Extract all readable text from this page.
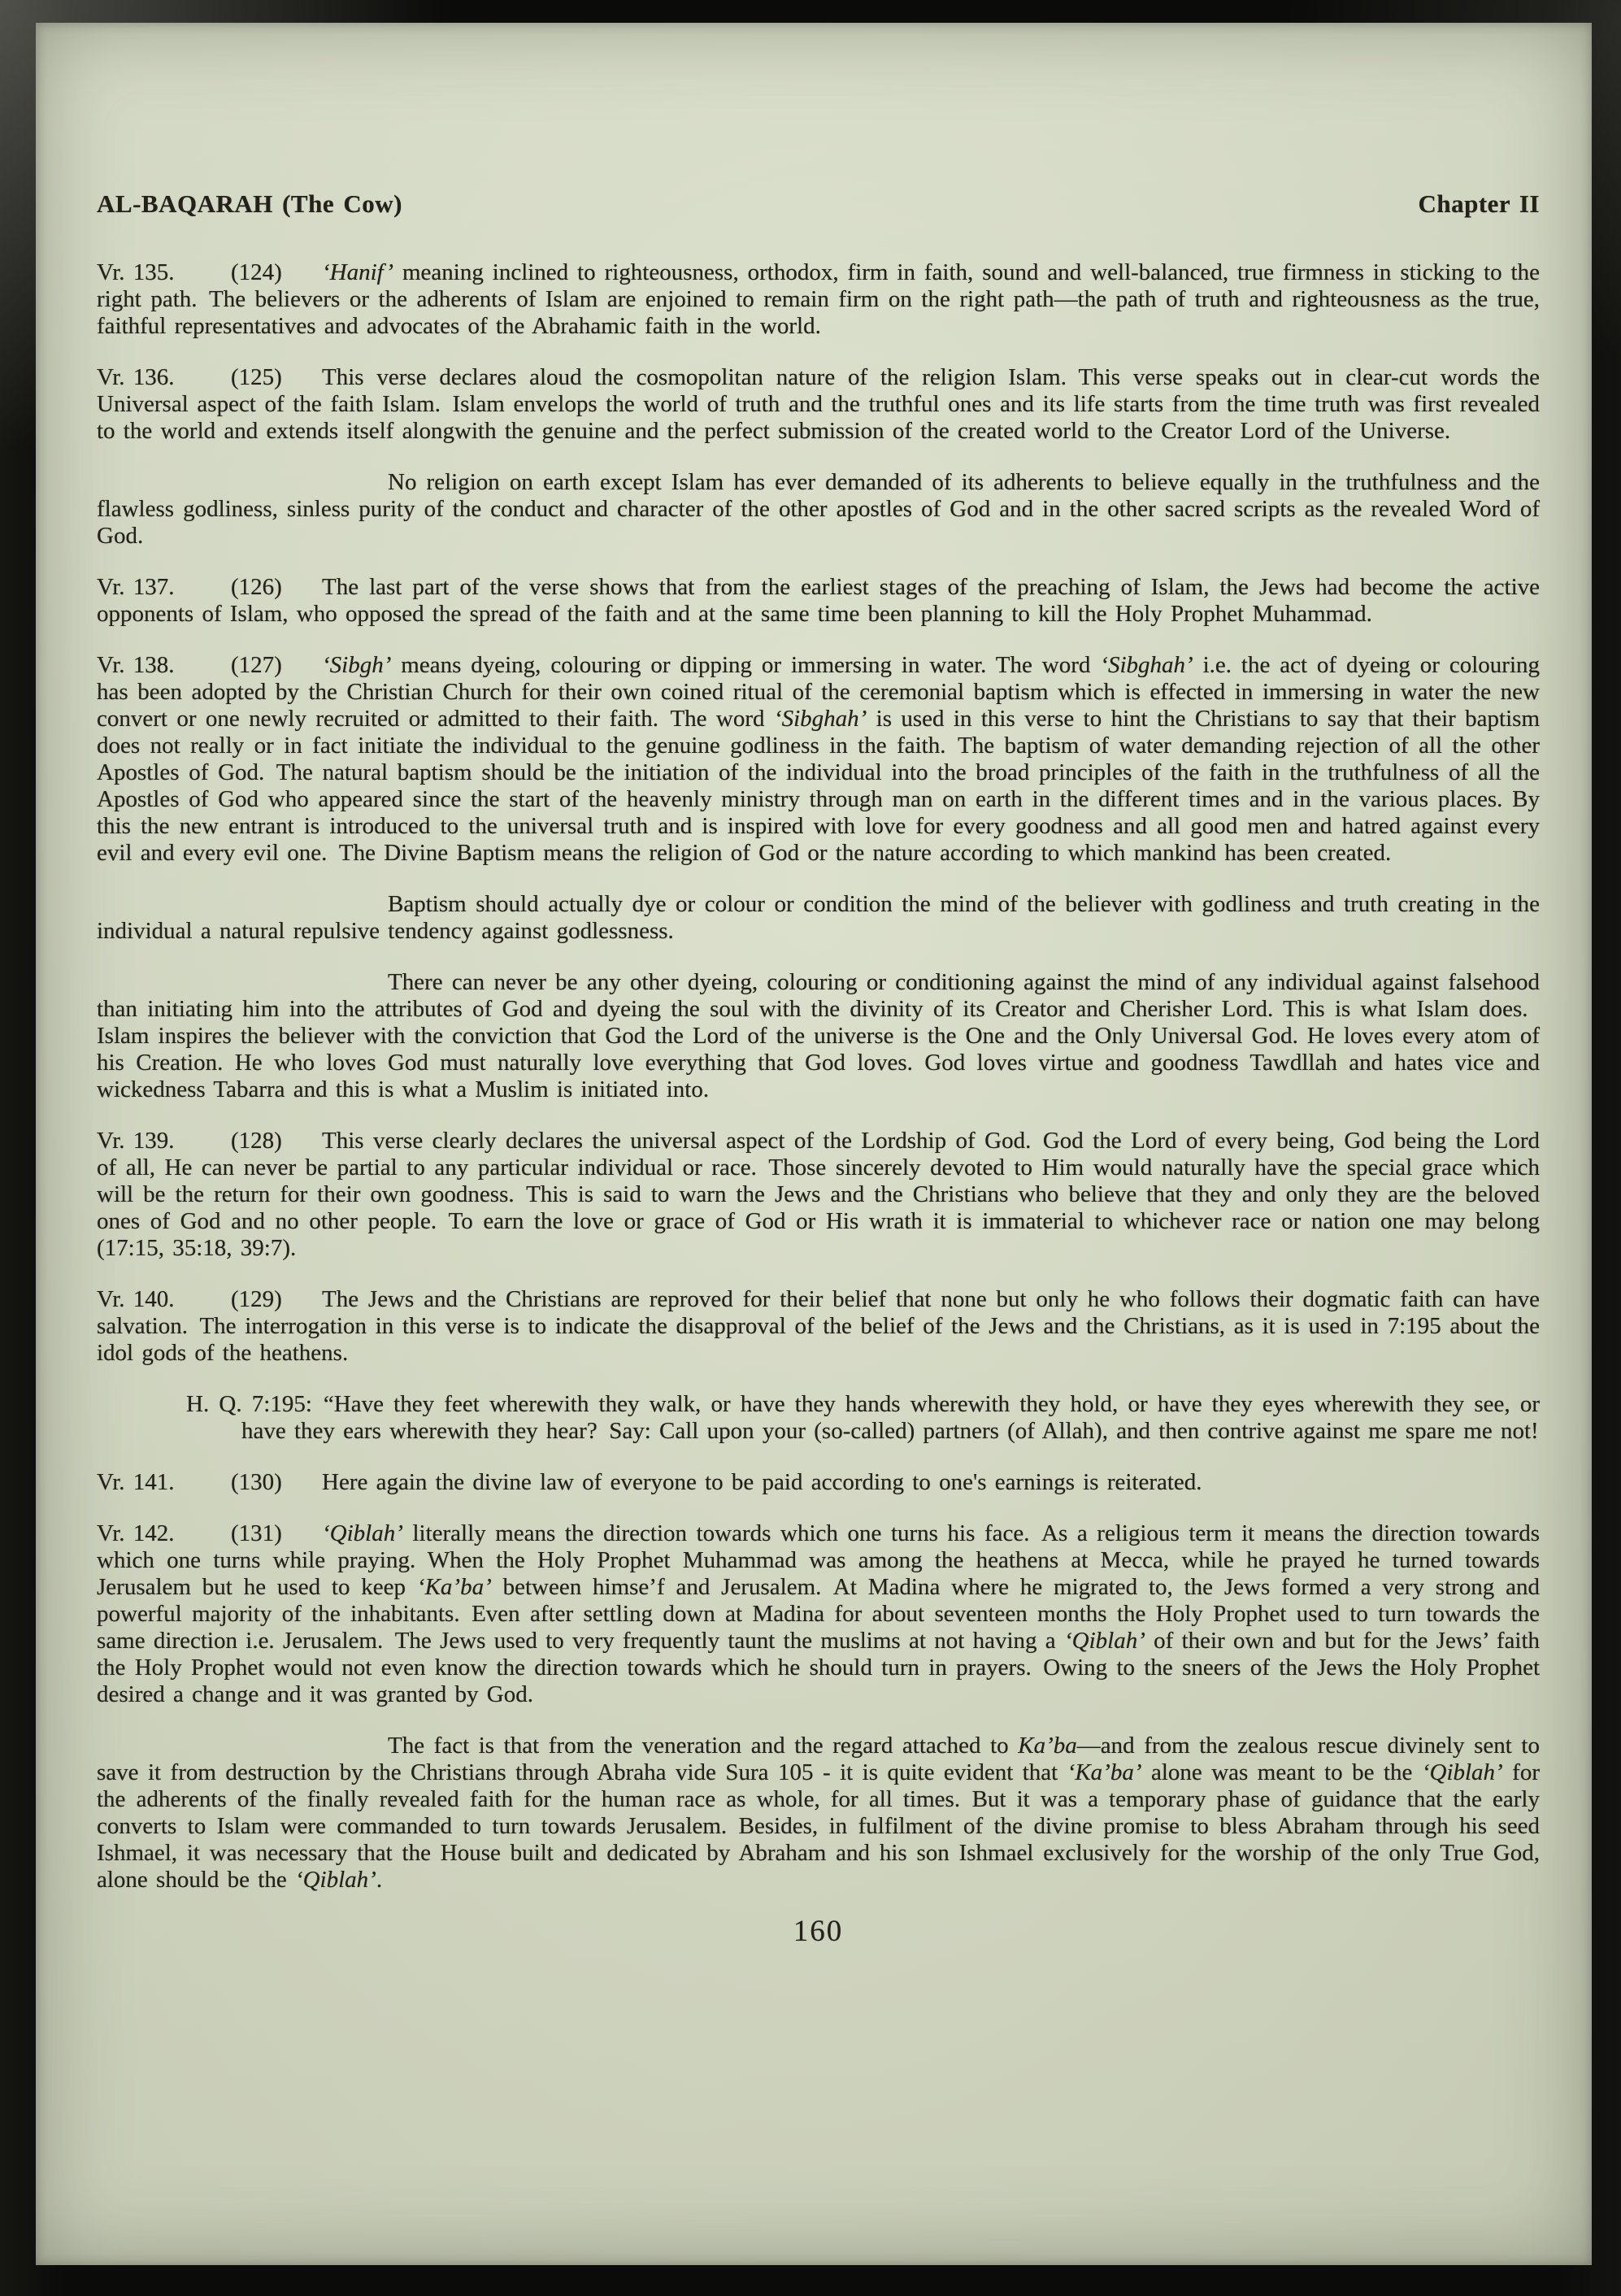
AL-BAQARAH (The Cow)	Chapter II

Vr. 135. (124) ‘Hanif’ meaning inclined to righteousness, orthodox, firm in faith, sound and well-balanced, true firmness in sticking to the right path. The believers or the adherents of Islam are enjoined to remain firm on the right path—the path of truth and righteousness as the true, faithful representatives and advocates of the Abrahamic faith in the world.

Vr. 136. (125) This verse declares aloud the cosmopolitan nature of the religion Islam. This verse speaks out in clear-cut words the Universal aspect of the faith Islam. Islam envelops the world of truth and the truthful ones and its life starts from the time truth was first revealed to the world and extends itself alongwith the genuine and the perfect submission of the created world to the Creator Lord of the Universe.

No religion on earth except Islam has ever demanded of its adherents to believe equally in the truthfulness and the flawless godliness, sinless purity of the conduct and character of the other apostles of God and in the other sacred scripts as the revealed Word of God.

Vr. 137. (126) The last part of the verse shows that from the earliest stages of the preaching of Islam, the Jews had become the active opponents of Islam, who opposed the spread of the faith and at the same time been planning to kill the Holy Prophet Muhammad.

Vr. 138. (127) ‘Sibgh’ means dyeing, colouring or dipping or immersing in water. The word ‘Sibghah’ i.e. the act of dyeing or colouring has been adopted by the Christian Church for their own coined ritual of the ceremonial baptism which is effected in immersing in water the new convert or one newly recruited or admitted to their faith. The word ‘Sibghah’ is used in this verse to hint the Christians to say that their baptism does not really or in fact initiate the individual to the genuine godliness in the faith. The baptism of water demanding rejection of all the other Apostles of God. The natural baptism should be the initiation of the individual into the broad principles of the faith in the truthfulness of all the Apostles of God who appeared since the start of the heavenly ministry through man on earth in the different times and in the various places. By this the new entrant is introduced to the universal truth and is inspired with love for every goodness and all good men and hatred against every evil and every evil one. The Divine Baptism means the religion of God or the nature according to which mankind has been created.

Baptism should actually dye or colour or condition the mind of the believer with godliness and truth creating in the individual a natural repulsive tendency against godlessness.

There can never be any other dyeing, colouring or conditioning against the mind of any individual against falsehood than initiating him into the attributes of God and dyeing the soul with the divinity of its Creator and Cherisher Lord. This is what Islam does. Islam inspires the believer with the conviction that God the Lord of the universe is the One and the Only Universal God. He loves every atom of his Creation. He who loves God must naturally love everything that God loves. God loves virtue and goodness Tawdllah and hates vice and wickedness Tabarra and this is what a Muslim is initiated into.

Vr. 139. (128) This verse clearly declares the universal aspect of the Lordship of God. God the Lord of every being, God being the Lord of all, He can never be partial to any particular individual or race. Those sincerely devoted to Him would naturally have the special grace which will be the return for their own goodness. This is said to warn the Jews and the Christians who believe that they and only they are the beloved ones of God and no other people. To earn the love or grace of God or His wrath it is immaterial to whichever race or nation one may belong (17:15, 35:18, 39:7).

Vr. 140. (129) The Jews and the Christians are reproved for their belief that none but only he who follows their dogmatic faith can have salvation. The interrogation in this verse is to indicate the disapproval of the belief of the Jews and the Christians, as it is used in 7:195 about the idol gods of the heathens.

H. Q. 7:195: “Have they feet wherewith they walk, or have they hands wherewith they hold, or have they eyes wherewith they see, or have they ears wherewith they hear? Say: Call upon your (so-called) partners (of Allah), and then contrive against me spare me not!

Vr. 141. (130) Here again the divine law of everyone to be paid according to one's earnings is reiterated.

Vr. 142. (131) ‘Qiblah’ literally means the direction towards which one turns his face. As a religious term it means the direction towards which one turns while praying. When the Holy Prophet Muhammad was among the heathens at Mecca, while he prayed he turned towards Jerusalem but he used to keep ‘Ka’ba’ between himse’f and Jerusalem. At Madina where he migrated to, the Jews formed a very strong and powerful majority of the inhabitants. Even after settling down at Madina for about seventeen months the Holy Prophet used to turn towards the same direction i.e. Jerusalem. The Jews used to very frequently taunt the muslims at not having a ‘Qiblah’ of their own and but for the Jews’ faith the Holy Prophet would not even know the direction towards which he should turn in prayers. Owing to the sneers of the Jews the Holy Prophet desired a change and it was granted by God.

The fact is that from the veneration and the regard attached to Ka’ba—and from the zealous rescue divinely sent to save it from destruction by the Christians through Abraha vide Sura 105 - it is quite evident that ‘Ka’ba’ alone was meant to be the ‘Qiblah’ for the adherents of the finally revealed faith for the human race as whole, for all times. But it was a temporary phase of guidance that the early converts to Islam were commanded to turn towards Jerusalem. Besides, in fulfilment of the divine promise to bless Abraham through his seed Ishmael, it was necessary that the House built and dedicated by Abraham and his son Ishmael exclusively for the worship of the only True God, alone should be the ‘Qiblah’.

160
